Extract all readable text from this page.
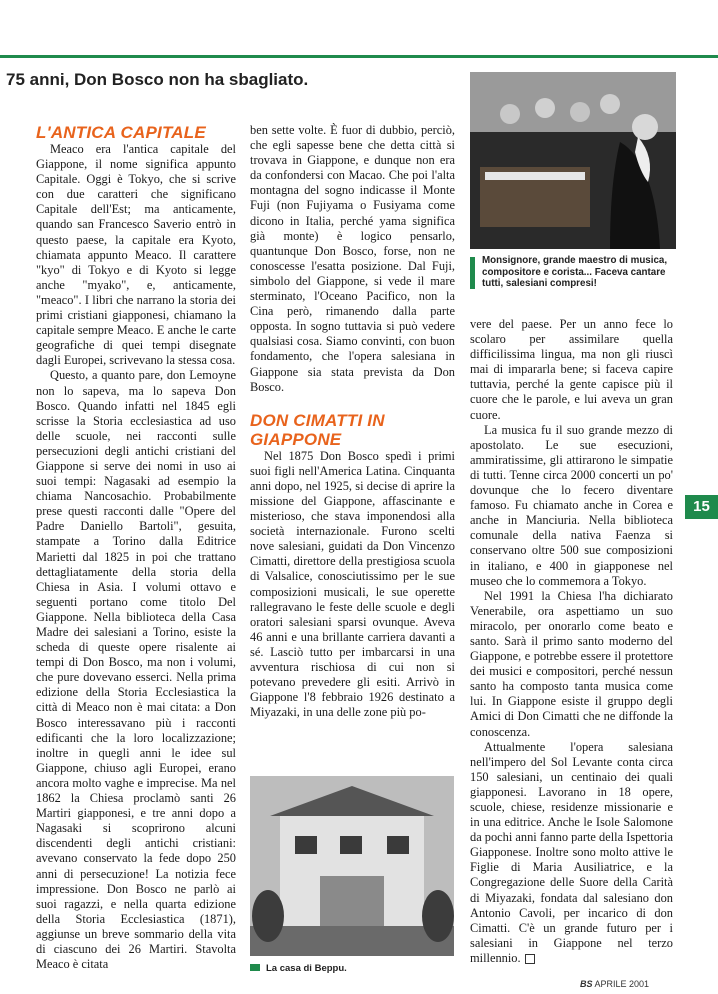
75 anni, Don Bosco non ha sbagliato.

L'ANTICA CAPITALE

Meaco era l'antica capitale del Giappone, il nome significa appunto Capitale. Oggi è Tokyo, che si scrive con due caratteri che significano Capitale dell'Est; ma anticamente, quando san Francesco Saverio entrò in questo paese, la capitale era Kyoto, chiamata appunto Meaco. Il carattere "kyo" di Tokyo e di Kyoto si legge anche "myako", e, anticamente, "meaco". I libri che narrano la storia dei primi cristiani giapponesi, chiamano la capitale sempre Meaco. E anche le carte geografiche di quei tempi disegnate dagli Europei, scrivevano la stessa cosa.

Questo, a quanto pare, don Lemoyne non lo sapeva, ma lo sapeva Don Bosco. Quando infatti nel 1845 egli scrisse la Storia ecclesiastica ad uso delle scuole, nei racconti sulle persecuzioni degli antichi cristiani del Giappone si serve dei nomi in uso ai suoi tempi: Nagasaki ad esempio la chiama Nancosachio. Probabilmente prese questi racconti dalle "Opere del Padre Daniello Bartoli", gesuita, stampate a Torino dalla Editrice Marietti dal 1825 in poi che trattano dettagliatamente della storia della Chiesa in Asia. I volumi ottavo e seguenti portano come titolo Del Giappone. Nella biblioteca della Casa Madre dei salesiani a Torino, esiste la scheda di queste opere risalente ai tempi di Don Bosco, ma non i volumi, che pure dovevano esserci. Nella prima edizione della Storia Ecclesiastica la città di Meaco non è mai citata: a Don Bosco interessavano più i racconti edificanti che la loro localizzazione; inoltre in quegli anni le idee sul Giappone, chiuso agli Europei, erano ancora molto vaghe e imprecise. Ma nel 1862 la Chiesa proclamò santi 26 Martiri giapponesi, e tre anni dopo a Nagasaki si scoprirono alcuni discendenti degli antichi cristiani: avevano conservato la fede dopo 250 anni di persecuzione! La notizia fece impressione. Don Bosco ne parlò ai suoi ragazzi, e nella quarta edizione della Storia Ecclesiastica (1871), aggiunse un breve sommario della vita di ciascuno dei 26 Martiri. Stavolta Meaco è citata

ben sette volte. È fuor di dubbio, perciò, che egli sapesse bene che detta città si trovava in Giappone, e dunque non era da confondersi con Macao. Che poi l'alta montagna del sogno indicasse il Monte Fuji (non Fujiyama o Fusiyama come dicono in Italia, perché yama significa già monte) è logico pensarlo, quantunque Don Bosco, forse, non ne conoscesse l'esatta posizione. Dal Fuji, simbolo del Giappone, si vede il mare sterminato, l'Oceano Pacifico, non la Cina però, rimanendo dalla parte opposta. In sogno tuttavia si può vedere qualsiasi cosa. Siamo convinti, con buon fondamento, che l'opera salesiana in Giappone sia stata prevista da Don Bosco.

DON CIMATTI IN GIAPPONE

Nel 1875 Don Bosco spedì i primi suoi figli nell'America Latina. Cinquanta anni dopo, nel 1925, si decise di aprire la missione del Giappone, affascinante e misterioso, che stava imponendosi alla società internazionale. Furono scelti nove salesiani, guidati da Don Vincenzo Cimatti, direttore della prestigiosa scuola di Valsalice, conosciutissimo per le sue composizioni musicali, le sue operette rallegravano le feste delle scuole e degli oratori salesiani sparsi ovunque. Aveva 46 anni e una brillante carriera davanti a sé. Lasciò tutto per imbarcarsi in una avventura rischiosa di cui non si potevano prevedere gli esiti. Arrivò in Giappone l'8 febbraio 1926 destinato a Miyazaki, in una delle zone più po-

Monsignore, grande maestro di musica, compositore e corista... Faceva cantare tutti, salesiani compresi!

vere del paese. Per un anno fece lo scolaro per assimilare quella difficilissima lingua, ma non gli riuscì mai di impararla bene; si faceva capire tuttavia, perché la gente capisce più il cuore che le parole, e lui aveva un gran cuore.

La musica fu il suo grande mezzo di apostolato. Le sue esecuzioni, ammiratissime, gli attirarono le simpatie di tutti. Tenne circa 2000 concerti un po' dovunque che lo fecero diventare famoso. Fu chiamato anche in Corea e anche in Manciuria. Nella biblioteca comunale della nativa Faenza si conservano oltre 500 sue composizioni in italiano, e 400 in giapponese nel museo che lo commemora a Tokyo.

Nel 1991 la Chiesa l'ha dichiarato Venerabile, ora aspettiamo un suo miracolo, per onorarlo come beato e santo. Sarà il primo santo moderno del Giappone, e potrebbe essere il protettore dei musici e compositori, perché nessun santo ha composto tanta musica come lui. In Giappone esiste il gruppo degli Amici di Don Cimatti che ne diffonde la conoscenza.

Attualmente l'opera salesiana nell'impero del Sol Levante conta circa 150 salesiani, un centinaio dei quali giapponesi. Lavorano in 18 opere, scuole, chiese, residenze missionarie e in una editrice. Anche le Isole Salomone da pochi anni fanno parte della Ispettoria Giapponese. Inoltre sono molto attive le Figlie di Maria Ausiliatrice, e la Congregazione delle Suore della Carità di Miyazaki, fondata dal salesiano don Antonio Cavoli, per incarico di don Cimatti. C'è un grande futuro per i salesiani in Giappone nel terzo millennio.

La casa di Beppu.
15
BS APRILE 2001
